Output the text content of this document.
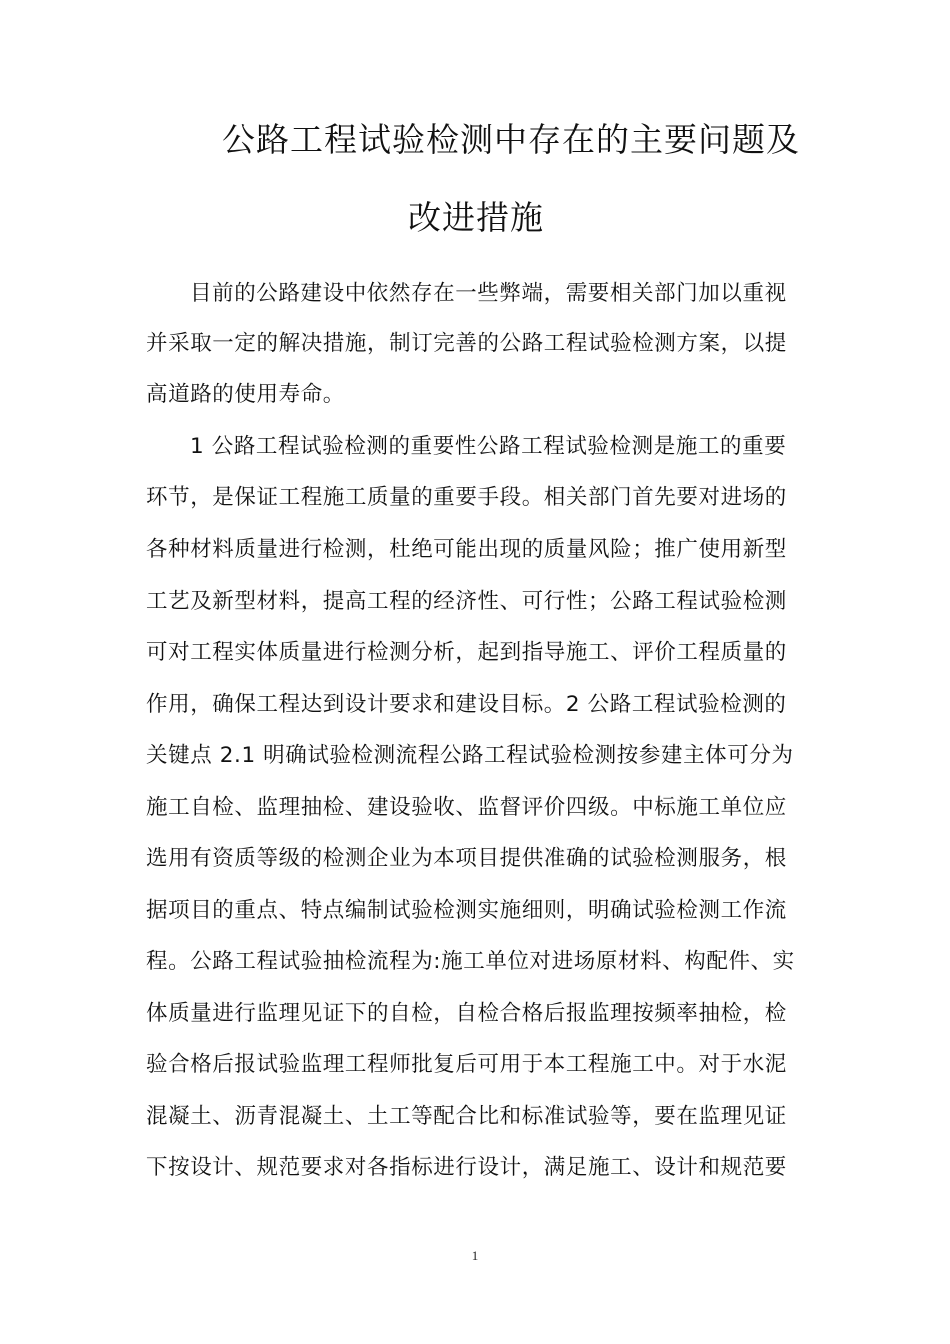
公路工程试验检测中存在的主要问题及
改进措施
目前的公路建设中依然存在一些弊端，需要相关部门加以重视
并采取一定的解决措施，制订完善的公路工程试验检测方案，以提
高道路的使用寿命。
1 公路工程试验检测的重要性公路工程试验检测是施工的重要
环节，是保证工程施工质量的重要手段。相关部门首先要对进场的
各种材料质量进行检测，杜绝可能出现的质量风险；推广使用新型
工艺及新型材料，提高工程的经济性、可行性；公路工程试验检测
可对工程实体质量进行检测分析，起到指导施工、评价工程质量的
作用，确保工程达到设计要求和建设目标。2 公路工程试验检测的
关键点 2.1 明确试验检测流程公路工程试验检测按参建主体可分为
施工自检、监理抽检、建设验收、监督评价四级。中标施工单位应
选用有资质等级的检测企业为本项目提供准确的试验检测服务，根
据项目的重点、特点编制试验检测实施细则，明确试验检测工作流
程。公路工程试验抽检流程为:施工单位对进场原材料、构配件、实
体质量进行监理见证下的自检，自检合格后报监理按频率抽检，检
验合格后报试验监理工程师批复后可用于本工程施工中。对于水泥
混凝土、沥青混凝土、土工等配合比和标准试验等，要在监理见证
下按设计、规范要求对各指标进行设计，满足施工、设计和规范要
1
